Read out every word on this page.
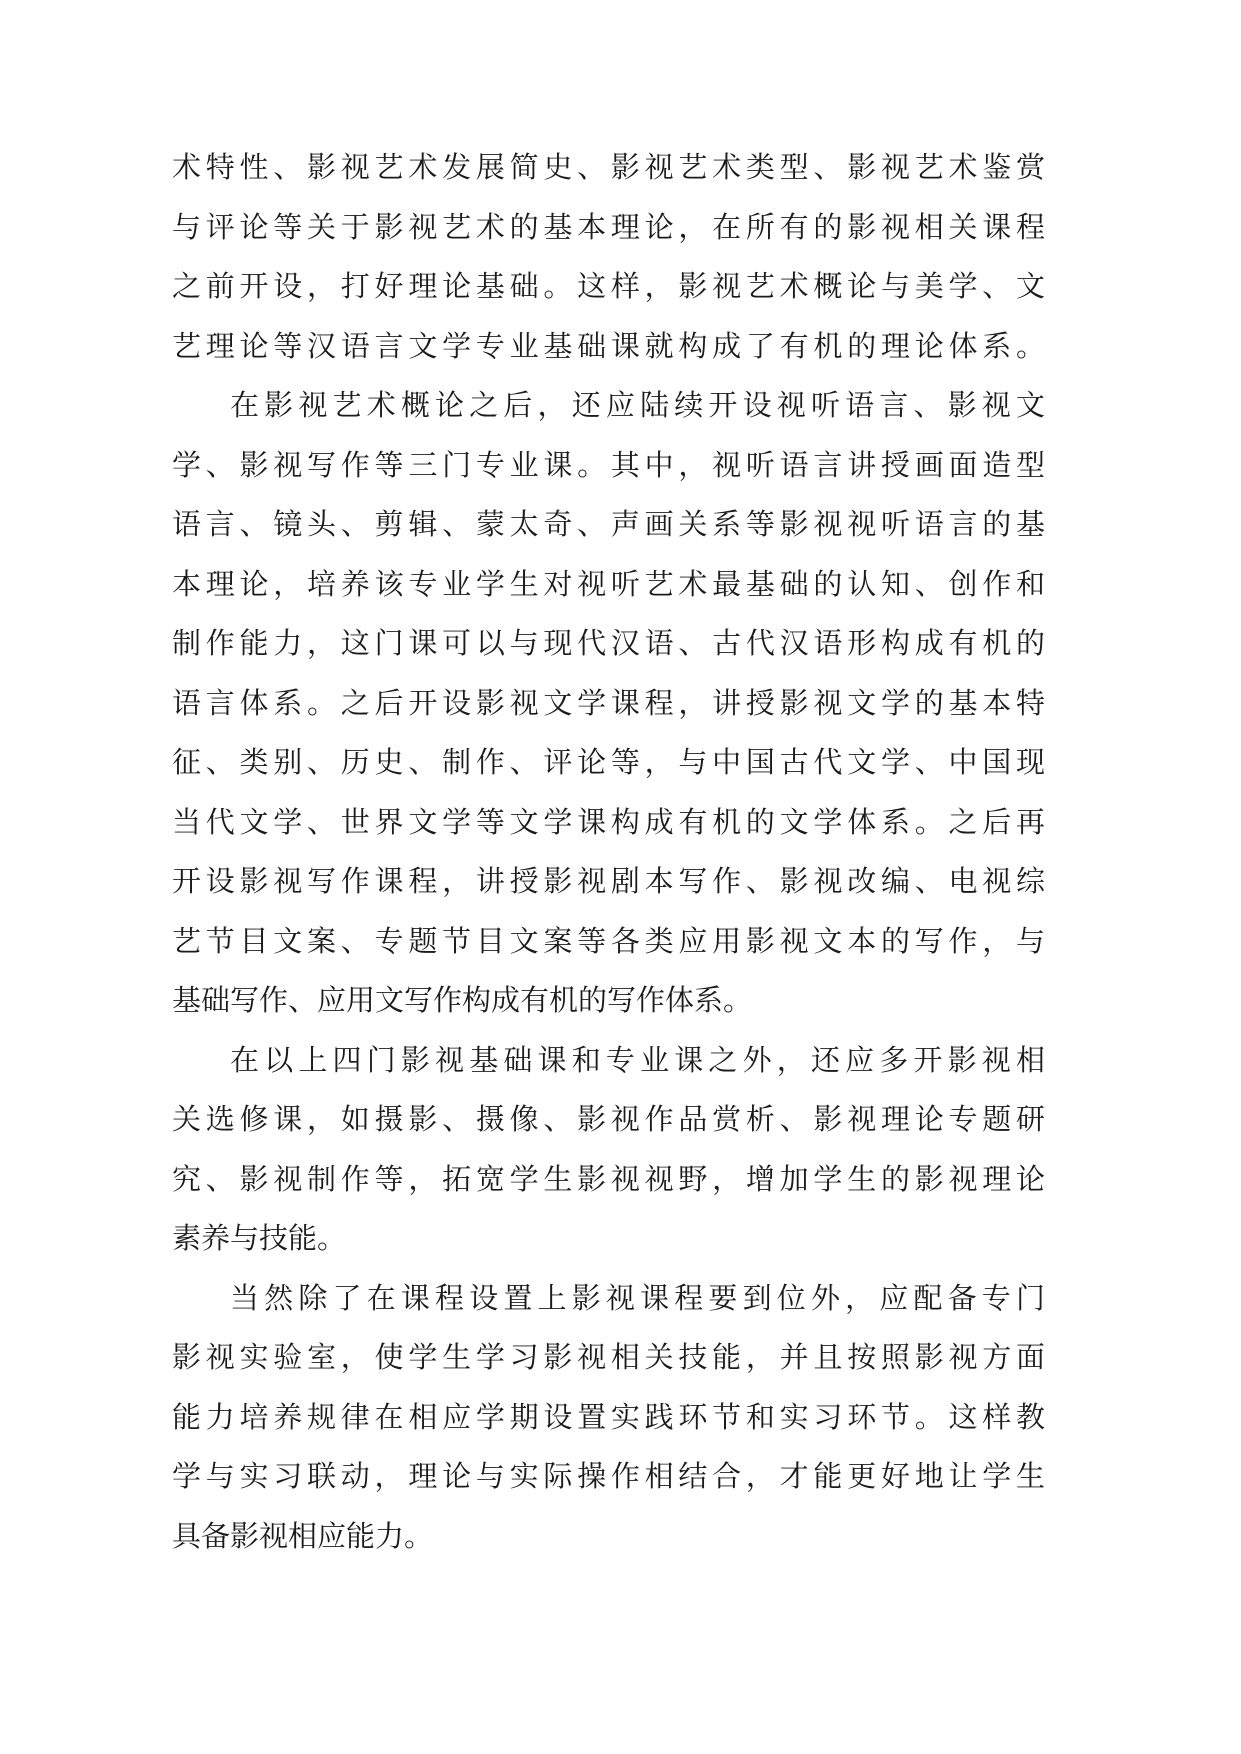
术特性、影视艺术发展简史、影视艺术类型、影视艺术鉴赏
与评论等关于影视艺术的基本理论，在所有的影视相关课程
之前开设，打好理论基础。这样，影视艺术概论与美学、文
艺理论等汉语言文学专业基础课就构成了有机的理论体系。
在影视艺术概论之后，还应陆续开设视听语言、影视文
学、影视写作等三门专业课。其中，视听语言讲授画面造型
语言、镜头、剪辑、蒙太奇、声画关系等影视视听语言的基
本理论，培养该专业学生对视听艺术最基础的认知、创作和
制作能力，这门课可以与现代汉语、古代汉语形构成有机的
语言体系。之后开设影视文学课程，讲授影视文学的基本特
征、类别、历史、制作、评论等，与中国古代文学、中国现
当代文学、世界文学等文学课构成有机的文学体系。之后再
开设影视写作课程，讲授影视剧本写作、影视改编、电视综
艺节目文案、专题节目文案等各类应用影视文本的写作，与
基础写作、应用文写作构成有机的写作体系。
在以上四门影视基础课和专业课之外，还应多开影视相
关选修课，如摄影、摄像、影视作品赏析、影视理论专题研
究、影视制作等，拓宽学生影视视野，增加学生的影视理论
素养与技能。
当然除了在课程设置上影视课程要到位外，应配备专门
影视实验室，使学生学习影视相关技能，并且按照影视方面
能力培养规律在相应学期设置实践环节和实习环节。这样教
学与实习联动，理论与实际操作相结合，才能更好地让学生
具备影视相应能力。
